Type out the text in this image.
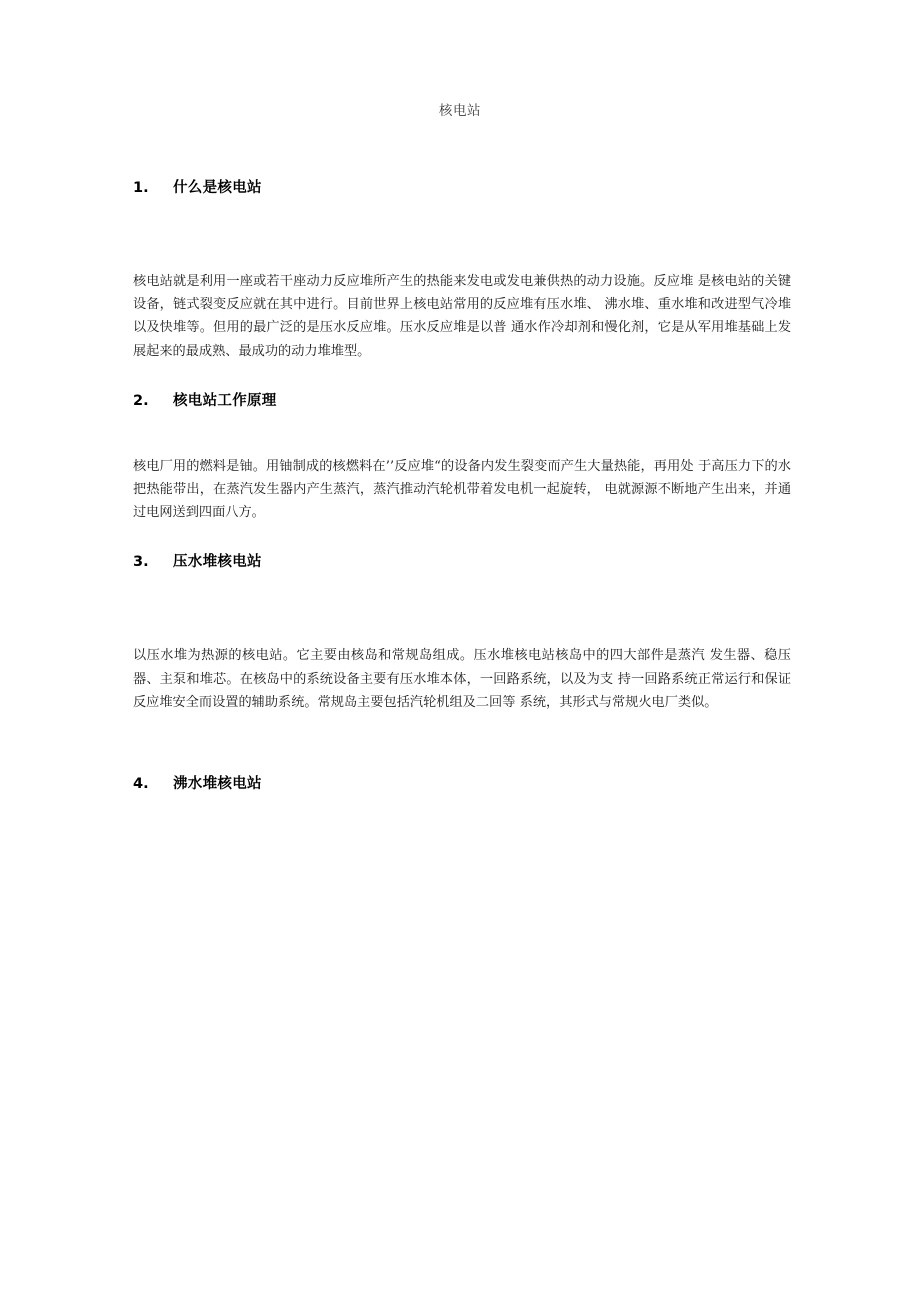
核电站
1. 什么是核电站
核电站就是利用一座或若干座动力反应堆所产生的热能来发电或发电兼供热的动力设施。反应堆 是核电站的关键设备，链式裂变反应就在其中进行。目前世界上核电站常用的反应堆有压水堆、 沸水堆、重水堆和改进型气冷堆以及快堆等。但用的最广泛的是压水反应堆。压水反应堆是以普 通水作冷却剂和慢化剂，它是从军用堆基础上发展起来的最成熟、最成功的动力堆堆型。
2. 核电站工作原理
核电厂用的燃料是铀。用铀制成的核燃料在’’反应堆“的设备内发生裂变而产生大量热能，再用处 于高压力下的水把热能带出，在蒸汽发生器内产生蒸汽，蒸汽推动汽轮机带着发电机一起旋转， 电就源源不断地产生出来，并通过电网送到四面八方。
3. 压水堆核电站
以压水堆为热源的核电站。它主要由核岛和常规岛组成。压水堆核电站核岛中的四大部件是蒸汽 发生器、稳压器、主泵和堆芯。在核岛中的系统设备主要有压水堆本体，一回路系统，以及为支 持一回路系统正常运行和保证反应堆安全而设置的辅助系统。常规岛主要包括汽轮机组及二回等 系统，其形式与常规火电厂类似。
4. 沸水堆核电站
